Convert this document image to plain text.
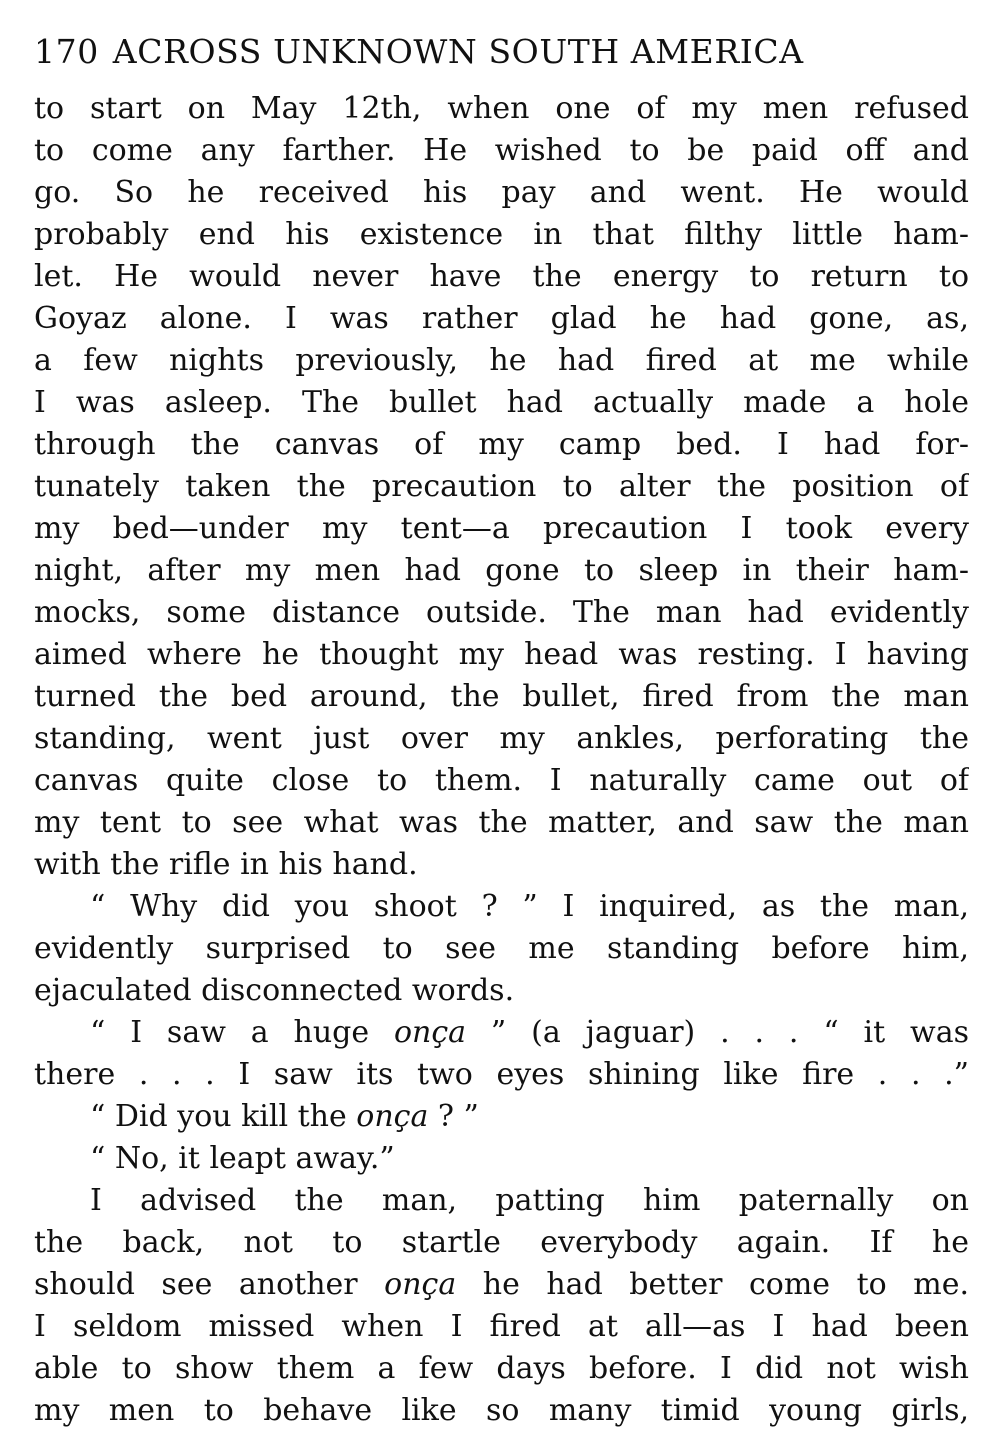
170 ACROSS UNKNOWN SOUTH AMERICA
to start on May 12th, when one of my men refused
to come any farther. He wished to be paid off and
go. So he received his pay and went. He would
probably end his existence in that filthy little ham-
let. He would never have the energy to return to
Goyaz alone. I was rather glad he had gone, as,
a few nights previously, he had fired at me while
I was asleep. The bullet had actually made a hole
through the canvas of my camp bed. I had for-
tunately taken the precaution to alter the position of
my bed—under my tent—a precaution I took every
night, after my men had gone to sleep in their ham-
mocks, some distance outside. The man had evidently
aimed where he thought my head was resting. I having
turned the bed around, the bullet, fired from the man
standing, went just over my ankles, perforating the
canvas quite close to them. I naturally came out of
my tent to see what was the matter, and saw the man
with the rifle in his hand.
“ Why did you shoot ? ” I inquired, as the man,
evidently surprised to see me standing before him,
ejaculated disconnected words.
“ I saw a huge onça ” (a jaguar) . . . “ it was
there . . . I saw its two eyes shining like fire . . .”
“ Did you kill the onça ? ”
“ No, it leapt away.”
I advised the man, patting him paternally on
the back, not to startle everybody again. If he
should see another onça he had better come to me.
I seldom missed when I fired at all—as I had been
able to show them a few days before. I did not wish
my men to behave like so many timid young girls,
